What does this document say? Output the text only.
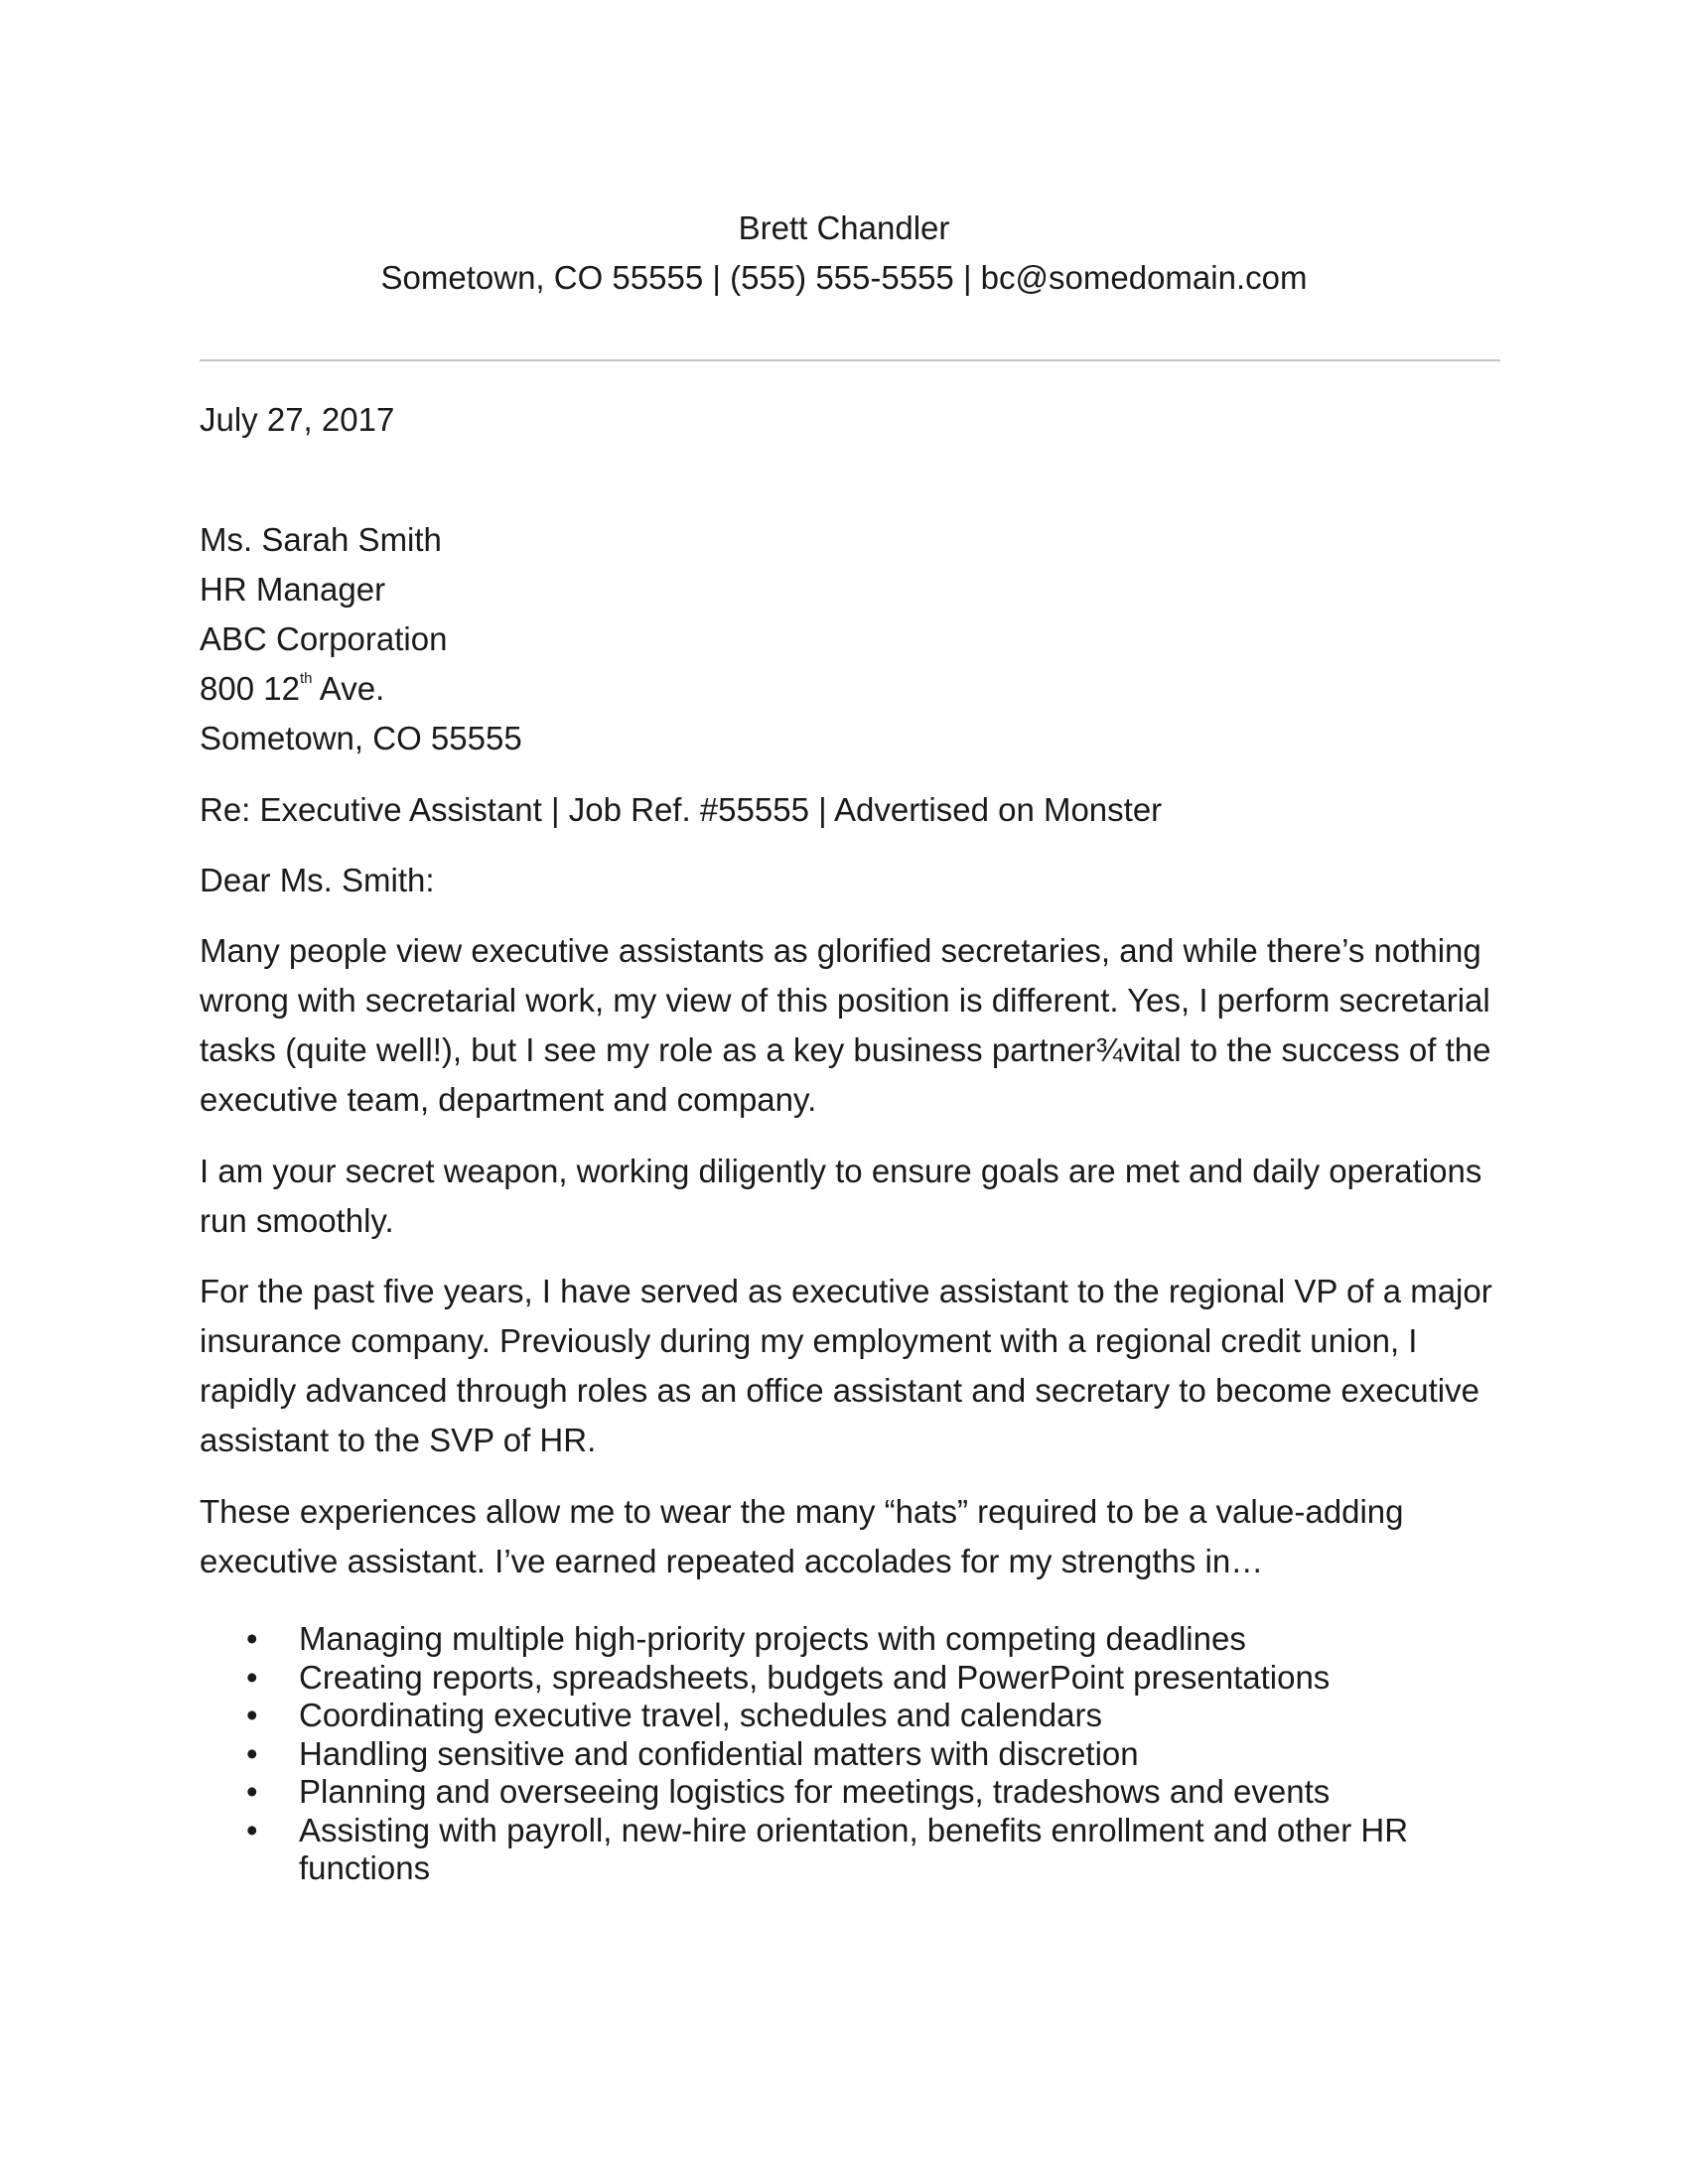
Brett Chandler
Sometown, CO 55555 | (555) 555-5555 | bc@somedomain.com
July 27, 2017
Ms. Sarah Smith
HR Manager
ABC Corporation
800 12th Ave.
Sometown, CO 55555
Re: Executive Assistant | Job Ref. #55555 | Advertised on Monster
Dear Ms. Smith:
Many people view executive assistants as glorified secretaries, and while there’s nothing wrong with secretarial work, my view of this position is different. Yes, I perform secretarial tasks (quite well!), but I see my role as a key business partner¾vital to the success of the executive team, department and company.
I am your secret weapon, working diligently to ensure goals are met and daily operations run smoothly.
For the past five years, I have served as executive assistant to the regional VP of a major insurance company. Previously during my employment with a regional credit union, I rapidly advanced through roles as an office assistant and secretary to become executive assistant to the SVP of HR.
These experiences allow me to wear the many “hats” required to be a value-adding executive assistant. I’ve earned repeated accolades for my strengths in…
• Managing multiple high-priority projects with competing deadlines
• Creating reports, spreadsheets, budgets and PowerPoint presentations
• Coordinating executive travel, schedules and calendars
• Handling sensitive and confidential matters with discretion
• Planning and overseeing logistics for meetings, tradeshows and events
• Assisting with payroll, new-hire orientation, benefits enrollment and other HR functions
